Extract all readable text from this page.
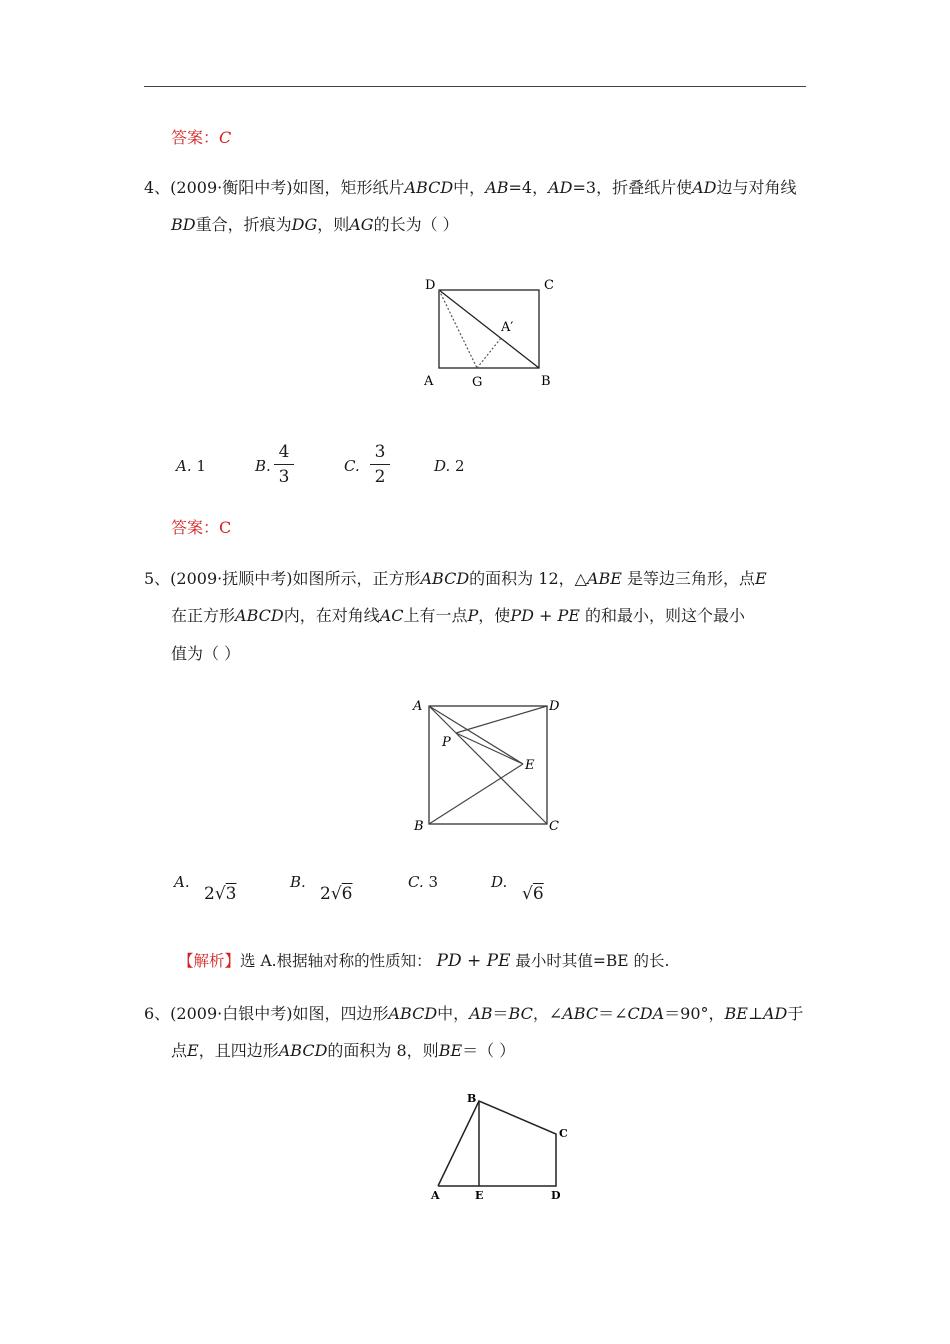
答案：C
4、(2009·衡阳中考)如图，矩形纸片ABCD中，AB=4，AD=3，折叠纸片使AD边与对角线
BD重合，折痕为DG，则AG的长为（ ）
D	C
A′
A	G	B
A. 1	B.
4
3
C.
3
2
D. 2
答案：C
5、(2009·抚顺中考)如图所示，正方形ABCD的面积为 12，△ABE 是等边三角形，点E
在正方形ABCD内，在对角线AC上有一点P，使PD + PE 的和最小，则这个最小
值为（ ）
A	D
P
E
B	C
A.
2√3
B.
2√6
C. 3	D.
√6
【解析】选 A.根据轴对称的性质知： PD + PE 最小时其值=BE 的长.
6、(2009·白银中考)如图，四边形ABCD中，AB＝BC，∠ABC＝∠CDA＝90°，BE⊥AD于
点E，且四边形ABCD的面积为 8，则BE＝（ ）
B
C
A	E	D
